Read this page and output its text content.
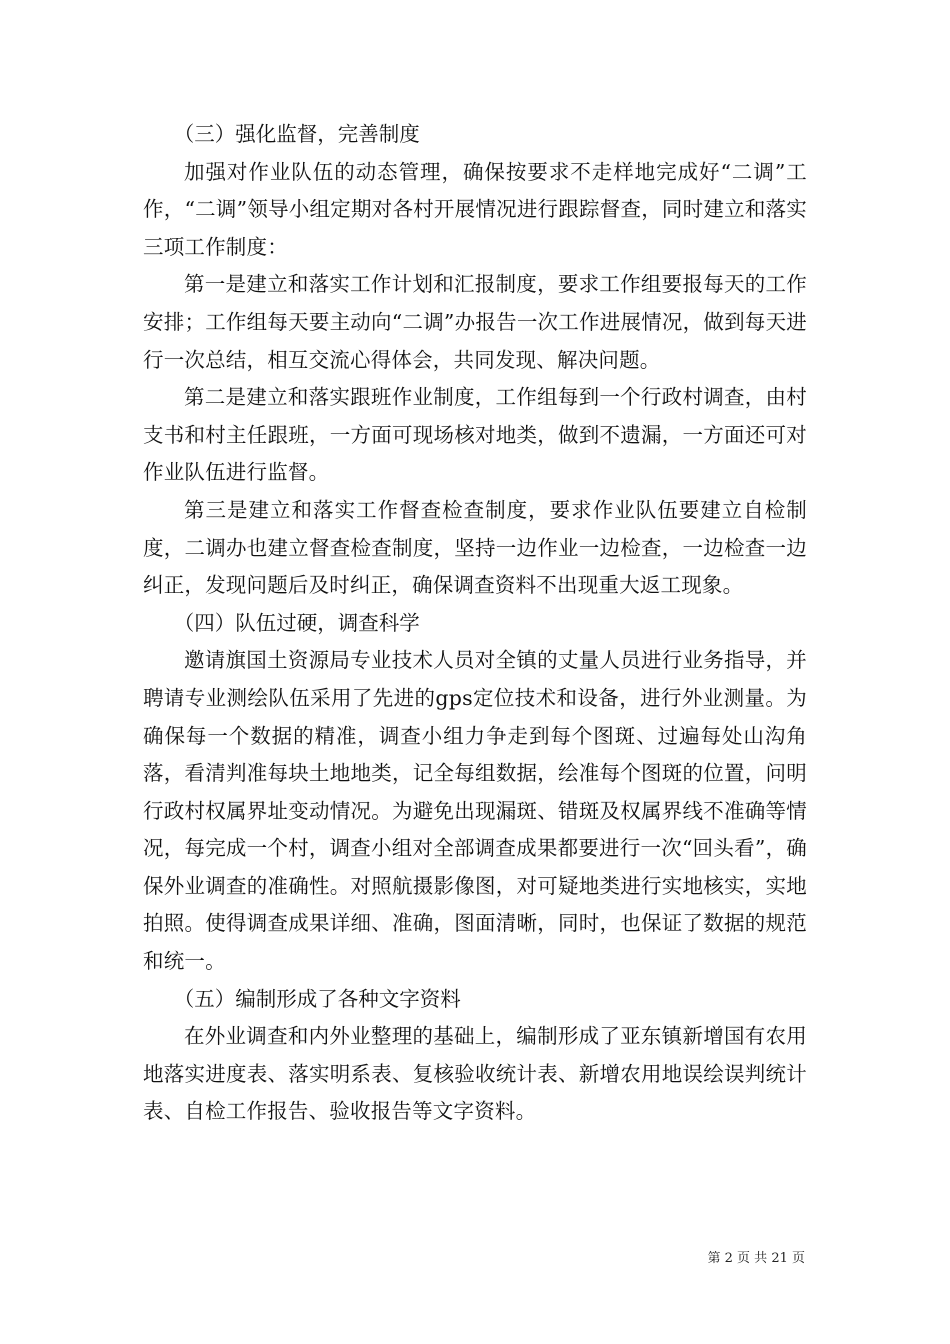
（三）强化监督，完善制度

加强对作业队伍的动态管理，确保按要求不走样地完成好“二调”工作，“二调”领导小组定期对各村开展情况进行跟踪督查，同时建立和落实三项工作制度：

第一是建立和落实工作计划和汇报制度，要求工作组要报每天的工作安排；工作组每天要主动向“二调”办报告一次工作进展情况，做到每天进行一次总结，相互交流心得体会，共同发现、解决问题。

第二是建立和落实跟班作业制度，工作组每到一个行政村调查，由村支书和村主任跟班，一方面可现场核对地类，做到不遗漏，一方面还可对作业队伍进行监督。

第三是建立和落实工作督查检查制度，要求作业队伍要建立自检制度，二调办也建立督查检查制度，坚持一边作业一边检查，一边检查一边纠正，发现问题后及时纠正，确保调查资料不出现重大返工现象。

（四）队伍过硬，调查科学

邀请旗国土资源局专业技术人员对全镇的丈量人员进行业务指导，并聘请专业测绘队伍采用了先进的gps定位技术和设备，进行外业测量。为确保每一个数据的精准，调查小组力争走到每个图斑、过遍每处山沟角落，看清判准每块土地地类，记全每组数据，绘准每个图斑的位置，问明行政村权属界址变动情况。为避免出现漏斑、错斑及权属界线不准确等情况，每完成一个村，调查小组对全部调查成果都要进行一次“回头看”，确保外业调查的准确性。对照航摄影像图，对可疑地类进行实地核实，实地拍照。使得调查成果详细、准确，图面清晰，同时，也保证了数据的规范和统一。

（五）编制形成了各种文字资料

在外业调查和内外业整理的基础上，编制形成了亚东镇新增国有农用地落实进度表、落实明系表、复核验收统计表、新增农用地误绘误判统计表、自检工作报告、验收报告等文字资料。

第 2 页 共 21 页
